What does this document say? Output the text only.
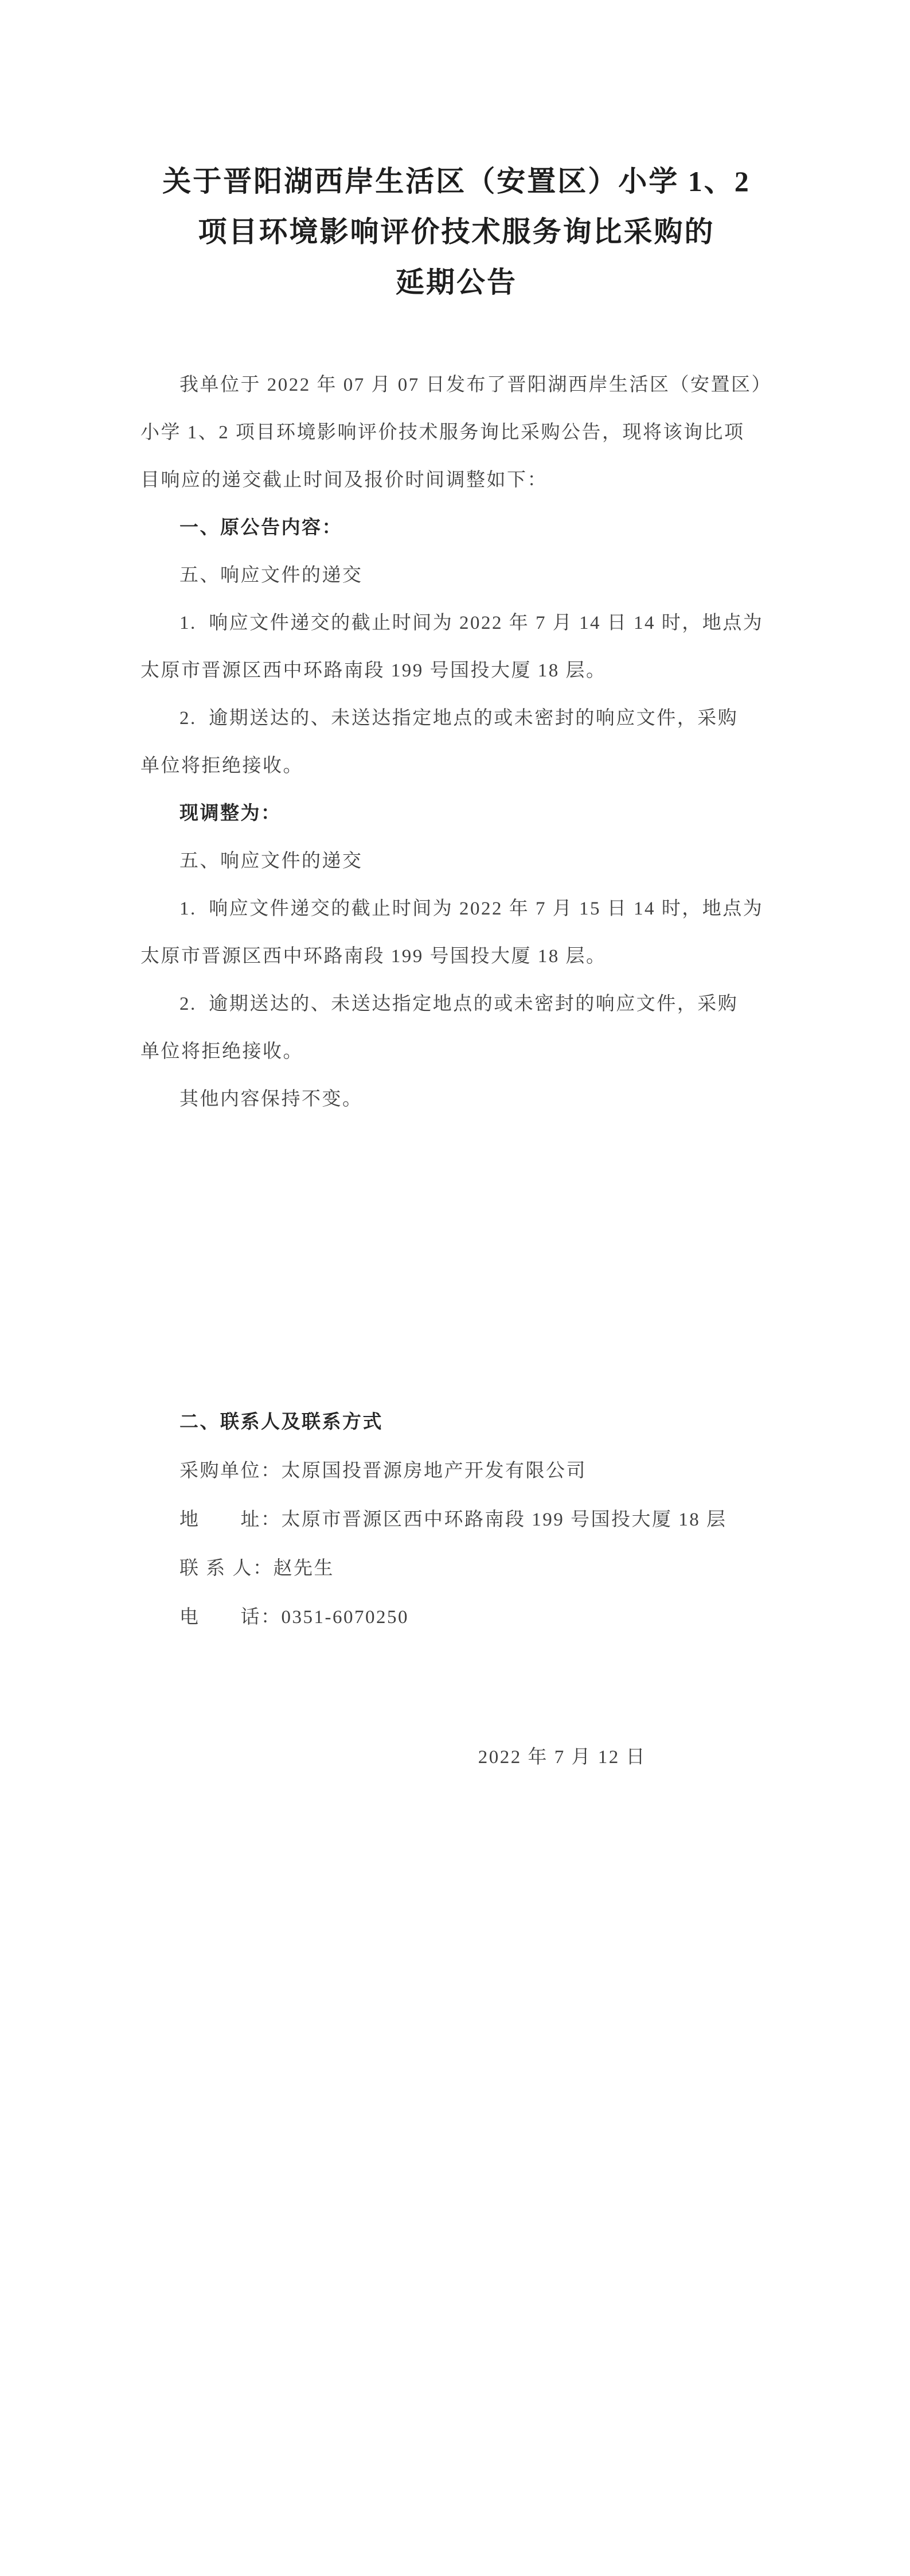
关于晋阳湖西岸生活区（安置区）小学 1、2
项目环境影响评价技术服务询比采购的
延期公告
我单位于 2022 年 07 月 07 日发布了晋阳湖西岸生活区（安置区）
小学 1、2 项目环境影响评价技术服务询比采购公告，现将该询比项
目响应的递交截止时间及报价时间调整如下：
一、原公告内容：
五、响应文件的递交
1.  响应文件递交的截止时间为 2022 年 7 月 14 日 14 时，地点为
太原市晋源区西中环路南段 199 号国投大厦 18 层。
2.  逾期送达的、未送达指定地点的或未密封的响应文件，采购
单位将拒绝接收。
现调整为：
五、响应文件的递交
1.  响应文件递交的截止时间为 2022 年 7 月 15 日 14 时，地点为
太原市晋源区西中环路南段 199 号国投大厦 18 层。
2.  逾期送达的、未送达指定地点的或未密封的响应文件，采购
单位将拒绝接收。
其他内容保持不变。
二、联系人及联系方式
采购单位：太原国投晋源房地产开发有限公司
地　　址：太原市晋源区西中环路南段 199 号国投大厦 18 层
联 系 人：赵先生
电　　话：0351-6070250
2022 年 7 月 12 日
